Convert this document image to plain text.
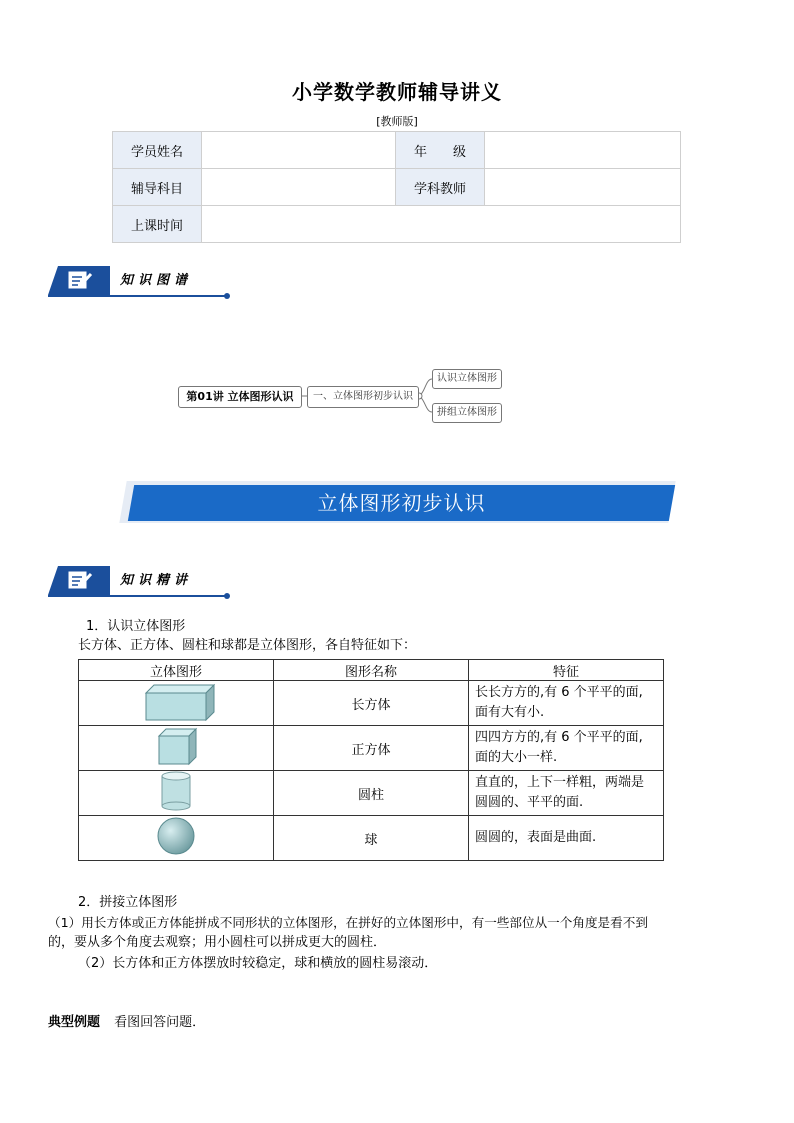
小学数学教师辅导讲义
[教师版]
学员姓名		年　　级	
辅导科目		学科教师	
上课时间			
知识图谱
第01讲 立体图形认识	一、立体图形初步认识
认识立体图形
拼组立体图形
立体图形初步认识
知识精讲
1．认识立体图形
长方体、正方体、圆柱和球都是立体图形，各自特征如下：
立体图形	图形名称	特征
	长方体	长长方方的,有 6 个平平的面,
面有大有小.

	正方体	四四方方的,有 6 个平平的面,
面的大小一样.

	圆柱	直直的，上下一样粗，两端是
圆圆的、平平的面.

	球	圆圆的，表面是曲面.
2．拼接立体图形
（1）用长方体或正方体能拼成不同形状的立体图形，在拼好的立体图形中，有一些部位从一个角度是看不到
的，要从多个角度去观察；用小圆柱可以拼成更大的圆柱．
（2）长方体和正方体摆放时较稳定，球和横放的圆柱易滚动．
典型例题 看图回答问题．
